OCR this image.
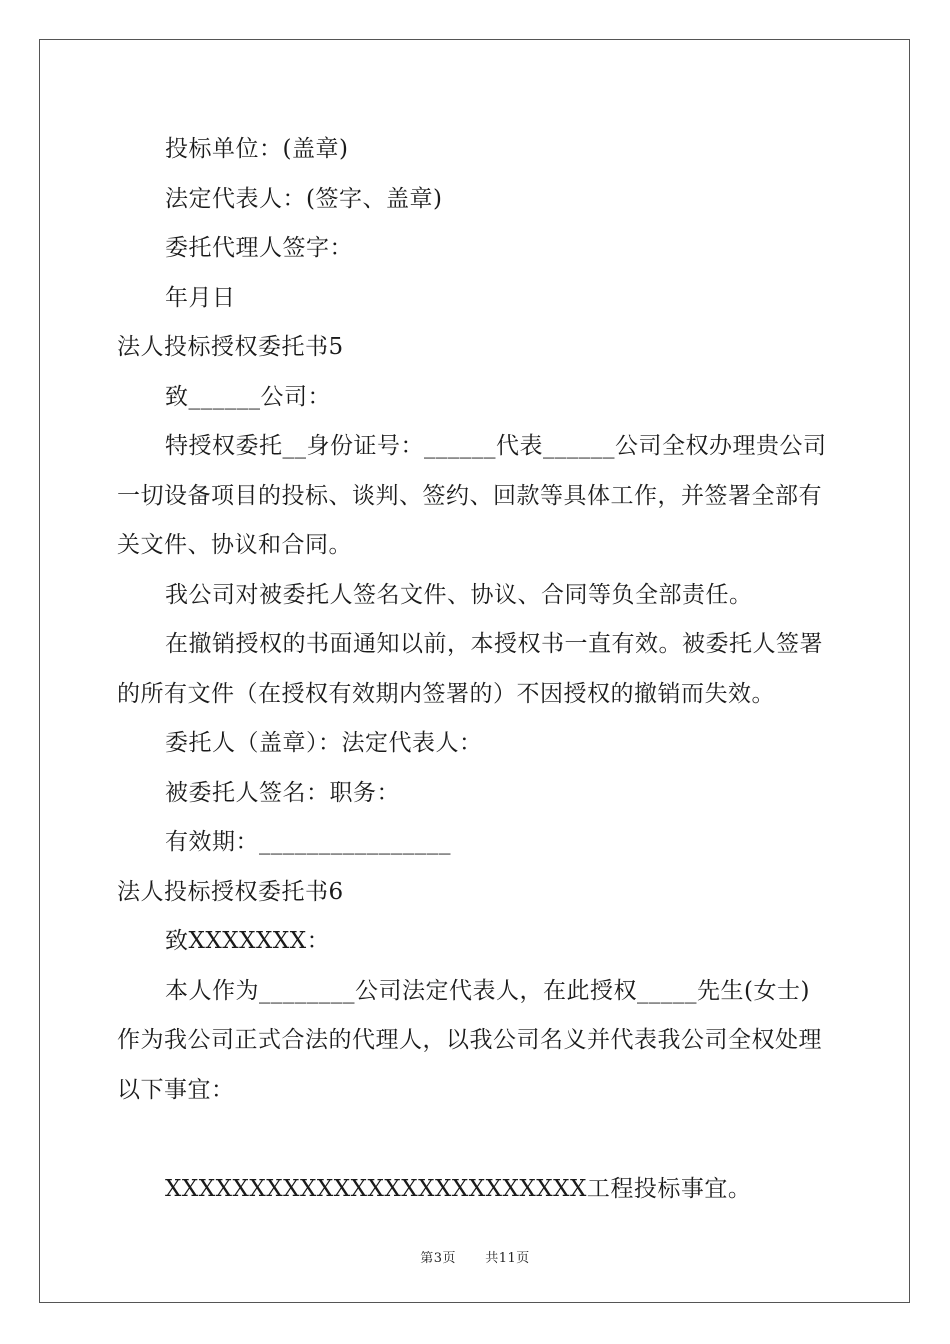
投标单位：(盖章)
法定代表人：(签字、盖章)
委托代理人签字：
年月日
法人投标授权委托书5
致______公司：
特授权委托__身份证号：______代表______公司全权办理贵公司
一切设备项目的投标、谈判、签约、回款等具体工作，并签署全部有
关文件、协议和合同。
我公司对被委托人签名文件、协议、合同等负全部责任。
在撤销授权的书面通知以前，本授权书一直有效。被委托人签署
的所有文件（在授权有效期内签署的）不因授权的撤销而失效。
委托人（盖章）：法定代表人：
被委托人签名：职务：
有效期：________________
法人投标授权委托书6
致XXXXXXX：
本人作为________公司法定代表人，在此授权_____先生(女士)
作为我公司正式合法的代理人，以我公司名义并代表我公司全权处理
以下事宜：
XXXXXXXXXXXXXXXXXXXXXXXXX工程投标事宜。
第3页 共11页
